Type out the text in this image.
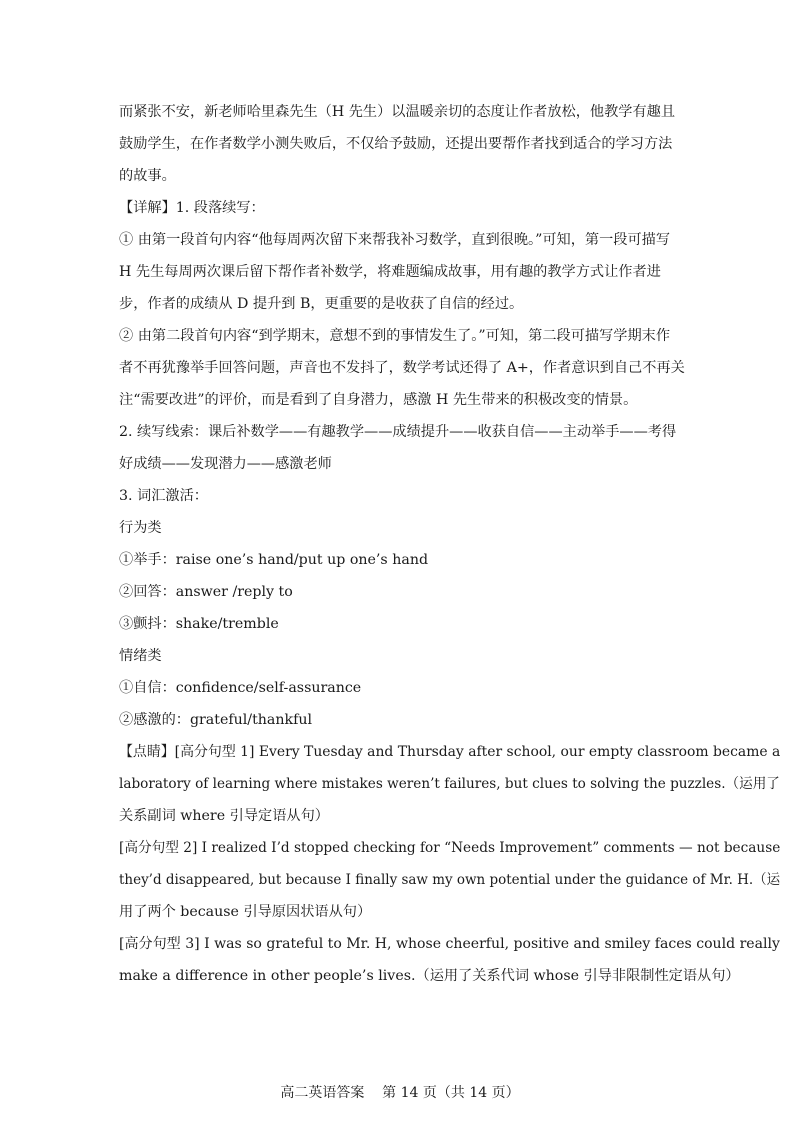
而紧张不安，新老师哈里森先生（H 先生）以温暖亲切的态度让作者放松，他教学有趣且
鼓励学生，在作者数学小测失败后，不仅给予鼓励，还提出要帮作者找到适合的学习方法
的故事。
【详解】1. 段落续写：
① 由第一段首句内容“他每周两次留下来帮我补习数学，直到很晚。”可知，第一段可描写
H 先生每周两次课后留下帮作者补数学，将难题编成故事，用有趣的教学方式让作者进
步，作者的成绩从 D 提升到 B，更重要的是收获了自信的经过。
② 由第二段首句内容“到学期末，意想不到的事情发生了。”可知，第二段可描写学期末作
者不再犹豫举手回答问题，声音也不发抖了，数学考试还得了 A+，作者意识到自己不再关
注“需要改进”的评价，而是看到了自身潜力，感激 H 先生带来的积极改变的情景。
2. 续写线索：课后补数学——有趣教学——成绩提升——收获自信——主动举手——考得
好成绩——发现潜力——感激老师
3. 词汇激活：
行为类
①举手：raise one’s hand/put up one’s hand
②回答：answer /reply to
③颤抖：shake/tremble
情绪类
①自信：confidence/self-assurance
②感激的：grateful/thankful
【点睛】[高分句型 1] Every Tuesday and Thursday after school, our empty classroom became a
laboratory of learning where mistakes weren’t failures, but clues to solving the puzzles.（运用了
关系副词 where 引导定语从句）
[高分句型 2] I realized I’d stopped checking for “Needs Improvement” comments — not because
they’d disappeared, but because I finally saw my own potential under the guidance of Mr. H.（运
用了两个 because 引导原因状语从句）
[高分句型 3] I was so grateful to Mr. H, whose cheerful, positive and smiley faces could really
make a difference in other people’s lives.（运用了关系代词 whose 引导非限制性定语从句）
高二英语答案    第 14 页（共 14 页）
